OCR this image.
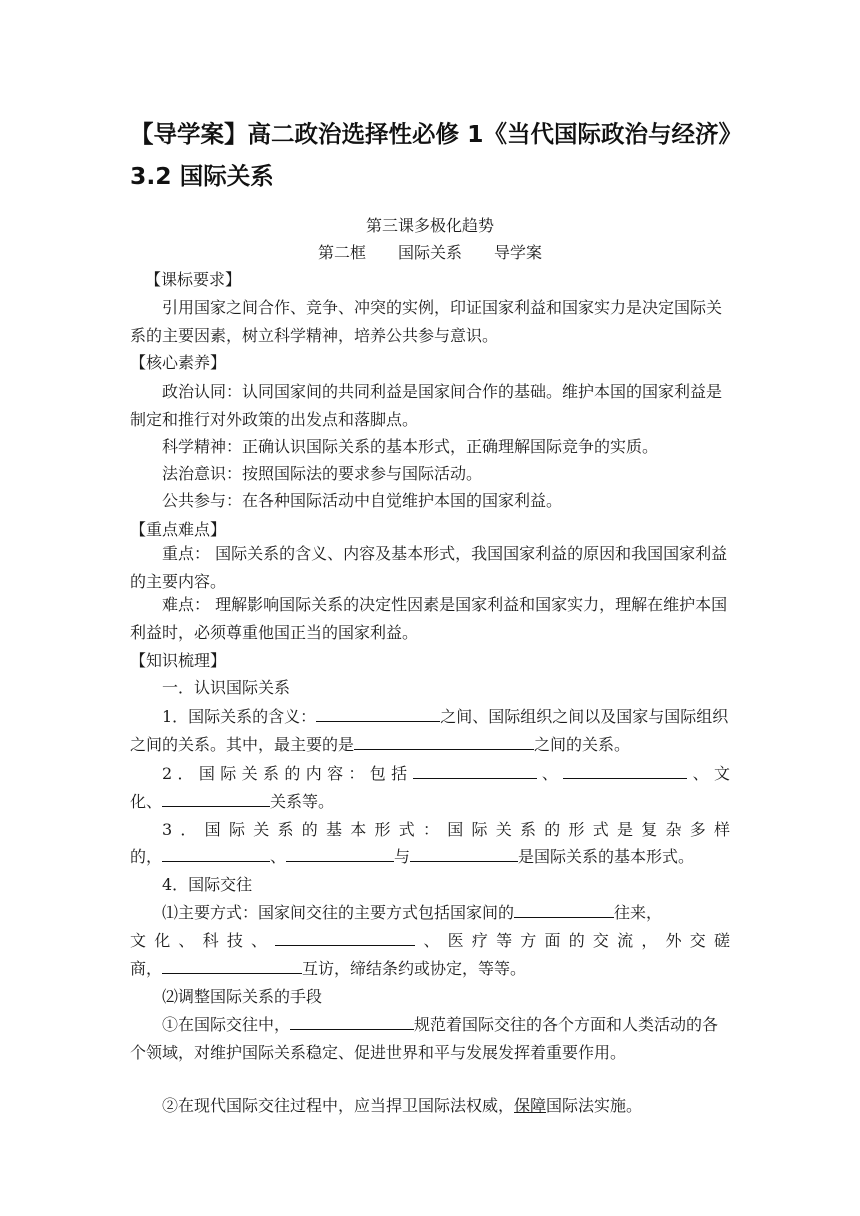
【导学案】高二政治选择性必修 1《当代国际政治与经济》3.2 国际关系
第三课多极化趋势
第二框　　国际关系　　导学案
【课标要求】
引用国家之间合作、竞争、冲突的实例，印证国家利益和国家实力是决定国际关系的主要因素，树立科学精神，培养公共参与意识。
【核心素养】
政治认同：认同国家间的共同利益是国家间合作的基础。维护本国的国家利益是制定和推行对外政策的出发点和落脚点。
科学精神：正确认识国际关系的基本形式，正确理解国际竞争的实质。
法治意识：按照国际法的要求参与国际活动。
公共参与：在各种国际活动中自觉维护本国的国家利益。
【重点难点】
重点： 国际关系的含义、内容及基本形式，我国国家利益的原因和我国国家利益的主要内容。
难点： 理解影响国际关系的决定性因素是国家利益和国家实力，理解在维护本国利益时，必须尊重他国正当的国家利益。
【知识梳理】
一．认识国际关系
1．国际关系的含义：	之间、国际组织之间以及国家与国际组织之间的关系。其中，最主要的是	之间的关系。
2．国际关系的内容：包括	、	、文
化、	关系等。
3．国际关系的基本形式：国际关系的形式是复杂多样
的，	、	与	是国际关系的基本形式。
4．国际交往
⑴主要方式：国家间交往的主要方式包括国家间的	往来，
文化、科技、	、医疗等方面的交流，外交磋
商，	互访，缔结条约或协定，等等。
⑵调整国际关系的手段
①在国际交往中，	规范着国际交往的各个方面和人类活动的各个领域，对维护国际关系稳定、促进世界和平与发展发挥着重要作用。
②在现代国际交往过程中，应当捍卫国际法权威，保障国际法实施。
